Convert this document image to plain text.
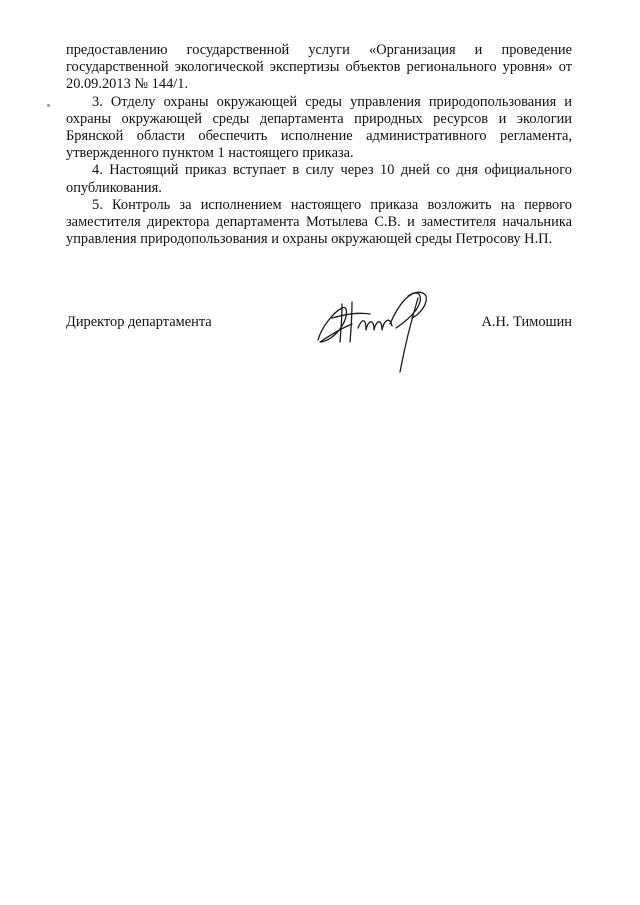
предоставлению государственной услуги «Организация и проведение государственной экологической экспертизы объектов регионального уровня» от 20.09.2013 № 144/1.

3. Отделу охраны окружающей среды управления природопользования и охраны окружающей среды департамента природных ресурсов и экологии Брянской области обеспечить исполнение административного регламента, утвержденного пунктом 1 настоящего приказа.

4. Настоящий приказ вступает в силу через 10 дней со дня официального опубликования.

5. Контроль за исполнением настоящего приказа возложить на первого заместителя директора департамента Мотылева С.В. и заместителя начальника управления природопользования и охраны окружающей среды Петросову Н.П.

Директор департамента	А.Н. Тимошин
